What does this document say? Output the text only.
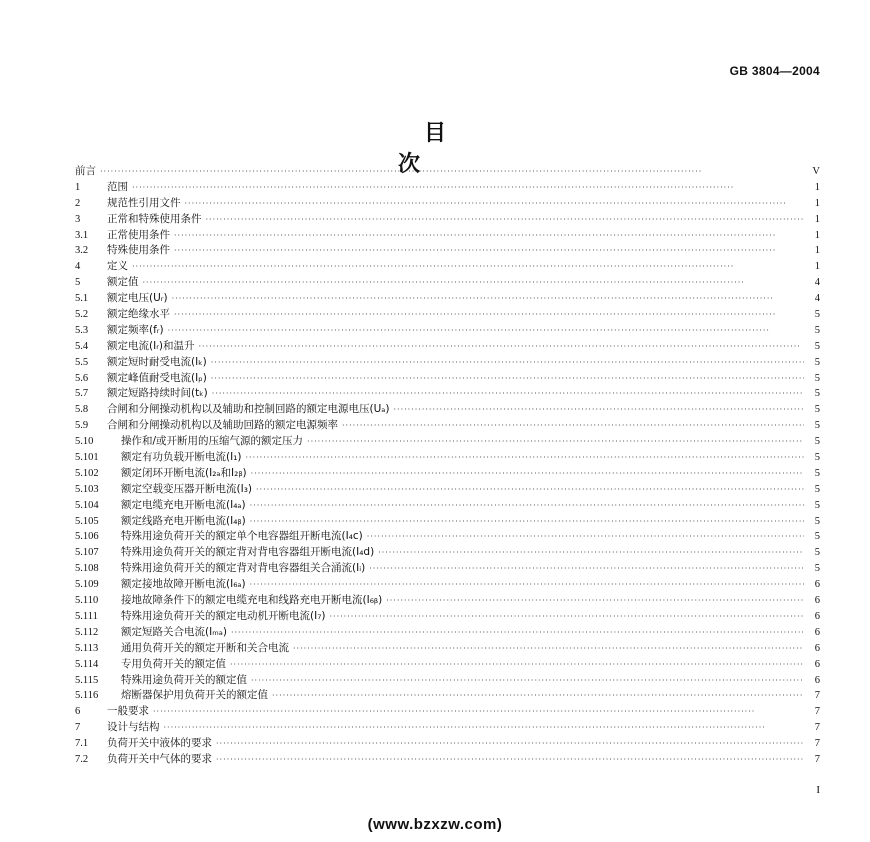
GB 3804—2004
目　次
前言 ·····	V
1	范围 ·····	1
2	规范性引用文件 ·····	1
3	正常和特殊使用条件 ·····	1
3.1	正常使用条件 ·····	1
3.2	特殊使用条件 ·····	1
4	定义 ·····	1
5	额定值 ·····	4
5.1	额定电压(Uᵣ) ·····	4
5.2	额定绝缘水平 ·····	5
5.3	额定频率(fᵣ) ·····	5
5.4	额定电流(Iᵣ)和温升 ·····	5
5.5	额定短时耐受电流(Iₖ) ·····	5
5.6	额定峰值耐受电流(Iₚ) ·····	5
5.7	额定短路持续时间(tₖ) ·····	5
5.8	合闸和分闸操动机构以及辅助和控制回路的额定电源电压(Uₐ) ·····	5
5.9	合闸和分闸操动机构以及辅助回路的额定电源频率 ·····	5
5.10	操作和/或开断用的压缩气源的额定压力 ·····	5
5.101	额定有功负载开断电流(I₁) ·····	5
5.102	额定闭环开断电流(I₂ₐ和I₂ᵦ) ·····	5
5.103	额定空载变压器开断电流(I₃) ·····	5
5.104	额定电缆充电开断电流(I₄ₐ) ·····	5
5.105	额定线路充电开断电流(I₄ᵦ) ·····	5
5.106	特殊用途负荷开关的额定单个电容器组开断电流(I₄c) ·····	5
5.107	特殊用途负荷开关的额定背对背电容器组开断电流(I₄d) ·····	5
5.108	特殊用途负荷开关的额定背对背电容器组关合涌流(Iᵢ) ·····	5
5.109	额定接地故障开断电流(I₆ₐ) ·····	6
5.110	接地故障条件下的额定电缆充电和线路充电开断电流(I₆ᵦ) ·····	6
5.111	特殊用途负荷开关的额定电动机开断电流(I₇) ·····	6
5.112	额定短路关合电流(Iₘₐ) ·····	6
5.113	通用负荷开关的额定开断和关合电流 ·····	6
5.114	专用负荷开关的额定值 ·····	6
5.115	特殊用途负荷开关的额定值 ·····	6
5.116	熔断器保护用负荷开关的额定值 ·····	7
6	一般要求 ·····	7
7	设计与结构 ·····	7
7.1	负荷开关中液体的要求 ·····	7
7.2	负荷开关中气体的要求 ·····	7
I
(www.bzxzw.com)
